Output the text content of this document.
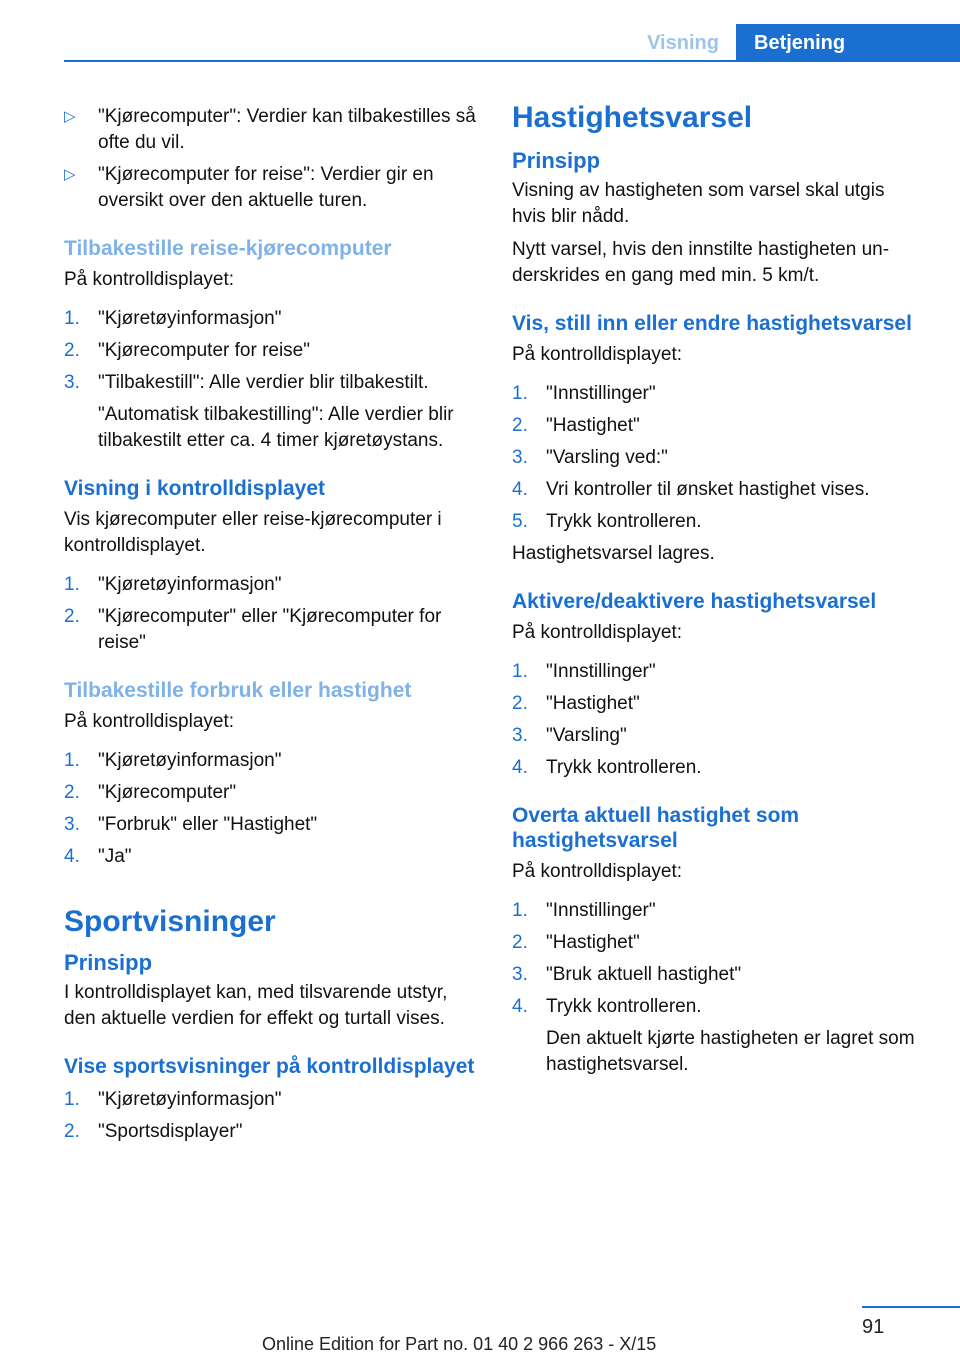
Visning	Betjening
▷ "Kjørecomputer": Verdier kan tilbakestilles så ofte du vil.
▷ "Kjørecomputer for reise": Verdier gir en oversikt over den aktuelle turen.
Tilbakestille reise-kjørecomputer
På kontrolldisplayet:
1. "Kjøretøyinformasjon"
2. "Kjørecomputer for reise"
3. "Tilbakestill": Alle verdier blir tilbakestilt.
"Automatisk tilbakestilling": Alle verdier blir tilbakestilt etter ca. 4 timer kjøretøystans.
Visning i kontrolldisplayet
Vis kjørecomputer eller reise-kjørecomputer i kontrolldisplayet.
1. "Kjøretøyinformasjon"
2. "Kjørecomputer" eller "Kjørecomputer for reise"
Tilbakestille forbruk eller hastighet
På kontrolldisplayet:
1. "Kjøretøyinformasjon"
2. "Kjørecomputer"
3. "Forbruk" eller "Hastighet"
4. "Ja"
Sportvisninger
Prinsipp
I kontrolldisplayet kan, med tilsvarende utstyr, den aktuelle verdien for effekt og turtall vises.
Vise sportsvisninger på kontrolldisplayet
1. "Kjøretøyinformasjon"
2. "Sportsdisplayer"
Hastighetsvarsel
Prinsipp
Visning av hastigheten som varsel skal utgis hvis blir nådd.
Nytt varsel, hvis den innstilte hastigheten underskrides en gang med min. 5 km/t.
Vis, still inn eller endre hastighetsvarsel
På kontrolldisplayet:
1. "Innstillinger"
2. "Hastighet"
3. "Varsling ved:"
4. Vri kontroller til ønsket hastighet vises.
5. Trykk kontrolleren.
Hastighetsvarsel lagres.
Aktivere/deaktivere hastighetsvarsel
På kontrolldisplayet:
1. "Innstillinger"
2. "Hastighet"
3. "Varsling"
4. Trykk kontrolleren.
Overta aktuell hastighet som hastighetsvarsel
På kontrolldisplayet:
1. "Innstillinger"
2. "Hastighet"
3. "Bruk aktuell hastighet"
4. Trykk kontrolleren.
Den aktuelt kjørte hastigheten er lagret som hastighetsvarsel.
91
Online Edition for Part no. 01 40 2 966 263 - X/15
